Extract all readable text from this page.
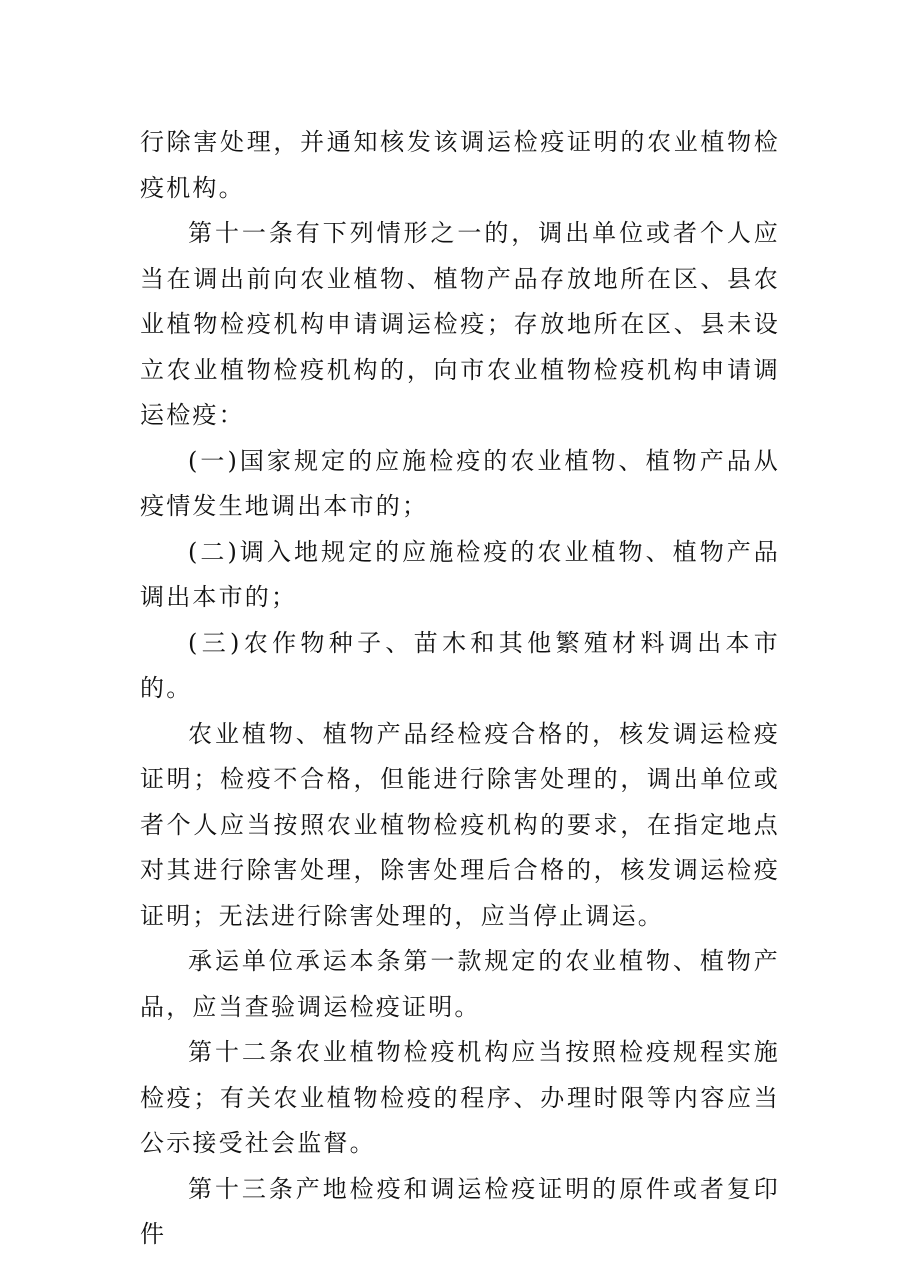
行除害处理，并通知核发该调运检疫证明的农业植物检疫机构。

第十一条有下列情形之一的，调出单位或者个人应当在调出前向农业植物、植物产品存放地所在区、县农业植物检疫机构申请调运检疫；存放地所在区、县未设立农业植物检疫机构的，向市农业植物检疫机构申请调运检疫：

(一)国家规定的应施检疫的农业植物、植物产品从疫情发生地调出本市的；

(二)调入地规定的应施检疫的农业植物、植物产品调出本市的；

(三)农作物种子、苗木和其他繁殖材料调出本市的。

农业植物、植物产品经检疫合格的，核发调运检疫证明；检疫不合格，但能进行除害处理的，调出单位或者个人应当按照农业植物检疫机构的要求，在指定地点对其进行除害处理，除害处理后合格的，核发调运检疫证明；无法进行除害处理的，应当停止调运。

承运单位承运本条第一款规定的农业植物、植物产品，应当查验调运检疫证明。

第十二条农业植物检疫机构应当按照检疫规程实施检疫；有关农业植物检疫的程序、办理时限等内容应当公示接受社会监督。

第十三条产地检疫和调运检疫证明的原件或者复印件
